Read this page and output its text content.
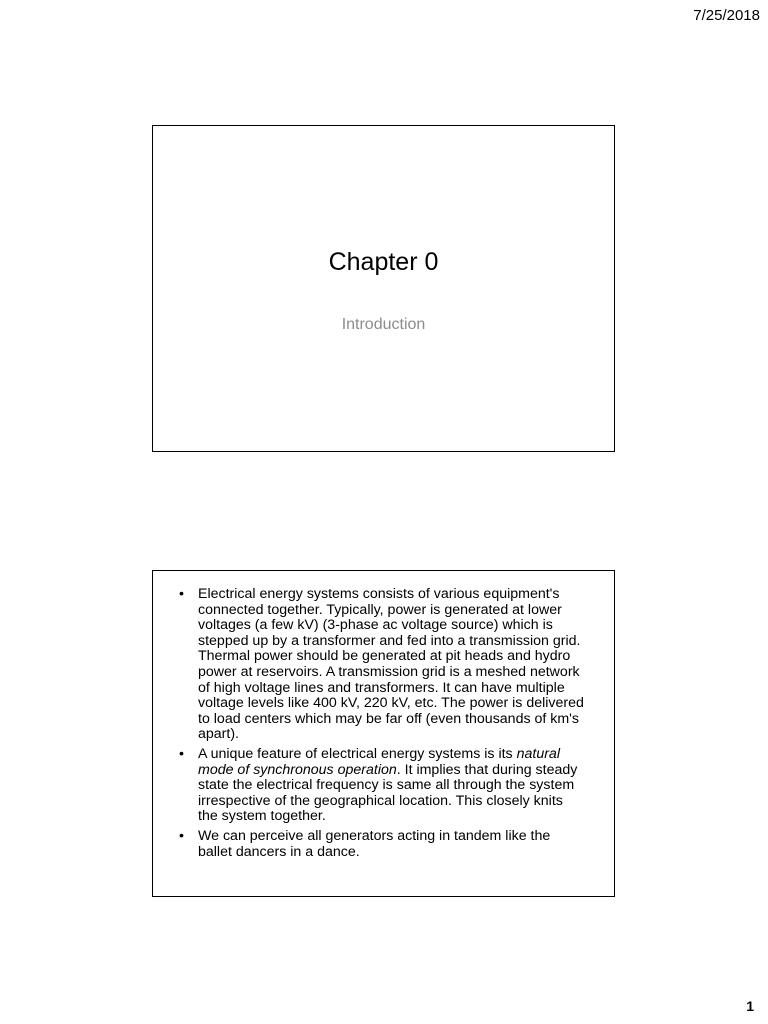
7/25/2018
Chapter 0
Introduction
• Electrical energy systems consists of various equipment's connected together. Typically, power is generated at lower voltages (a few kV) (3-phase ac voltage source) which is stepped up by a transformer and fed into a transmission grid. Thermal power should be generated at pit heads and hydro power at reservoirs. A transmission grid is a meshed network of high voltage lines and transformers. It can have multiple voltage levels like 400 kV, 220 kV, etc. The power is delivered to load centers which may be far off (even thousands of km's apart).
• A unique feature of electrical energy systems is its natural mode of synchronous operation. It implies that during steady state the electrical frequency is same all through the system irrespective of the geographical location. This closely knits the system together.
• We can perceive all generators acting in tandem like the ballet dancers in a dance.
1
